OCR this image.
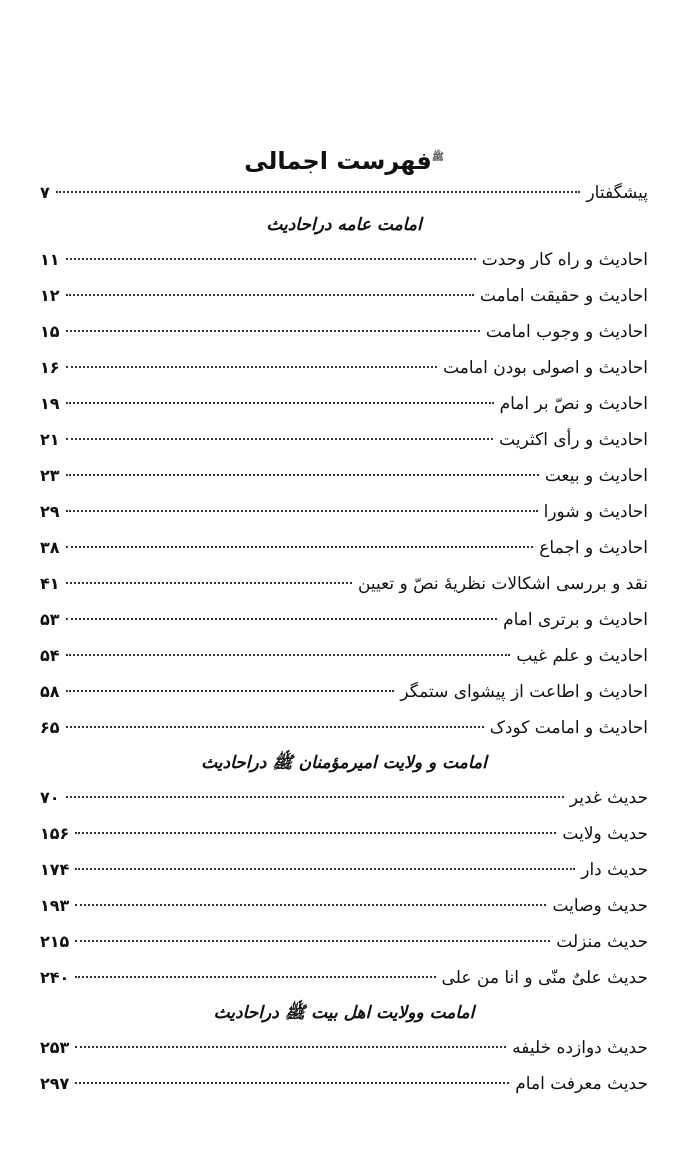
$^ﷺ$فهرست اجمالی
پیشگفتار
۷
امامت عامه دراحادیث
احادیث و راه کار وحدت
۱۱
احادیث و حقیقت امامت
۱۲
احادیث و وجوب امامت
۱۵
احادیث و اصولی بودن امامت
۱۶
احادیث و نصّ بر امام
۱۹
احادیث و رأی اکثریت
۲۱
احادیث و بیعت
۲۳
احادیث و شورا
۲۹
احادیث و اجماع
۳۸
نقد و بررسی اشکالات نظریهٔ نصّ و تعیین
۴۱
احادیث و برتری امام
۵۳
احادیث و علم غیب
۵۴
احادیث و اطاعت از پیشوای ستمگر
۵۸
احادیث و امامت کودک
۶۵
امامت و ولایت امیرمؤمنان ﷺ دراحادیث
حدیث غدیر
۷۰
حدیث ولایت
۱۵۶
حدیث دار
۱۷۴
حدیث وصایت
۱۹۳
حدیث منزلت
۲۱۵
حدیث علیٌ منّی و انا من علی
۲۴۰
امامت وولایت اهل بیت ﷺ دراحادیث
حدیث دوازده خلیفه
۲۵۳
حدیث معرفت امام
۲۹۷
